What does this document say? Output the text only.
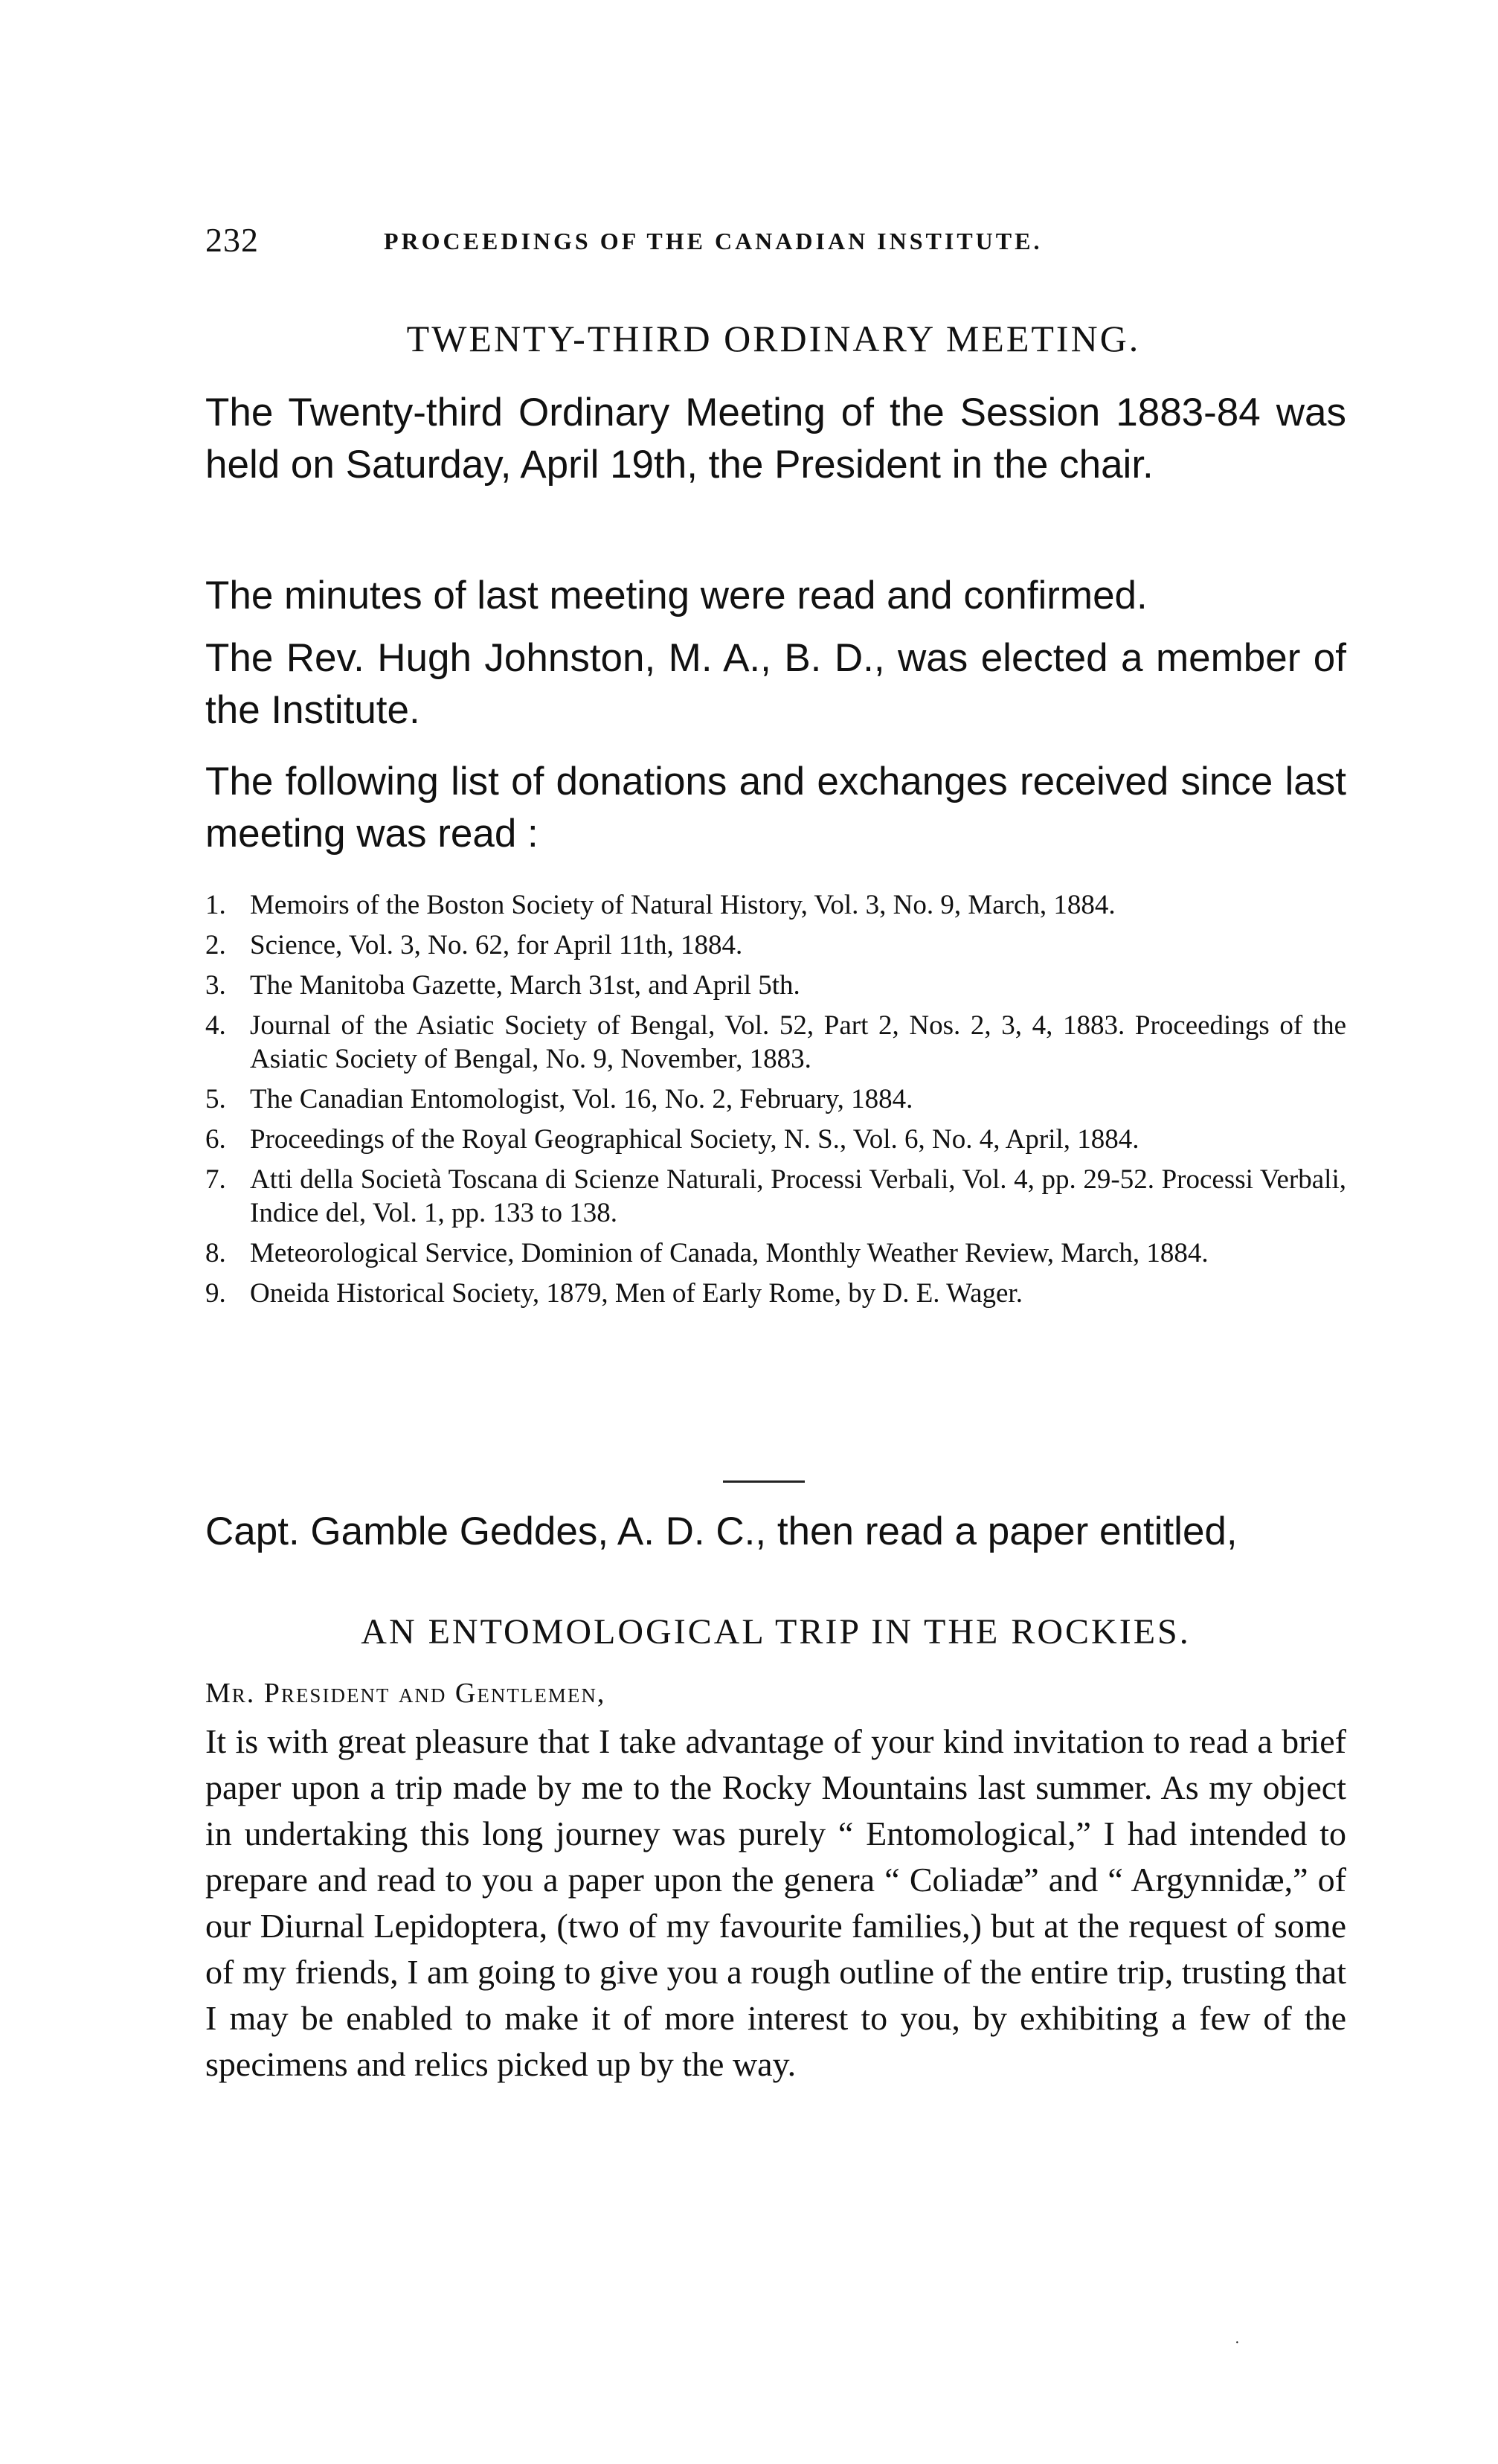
232	PROCEEDINGS OF THE CANADIAN INSTITUTE.
TWENTY-THIRD ORDINARY MEETING.

The Twenty-third Ordinary Meeting of the Session 1883-84 was held on Saturday, April 19th, the President in the chair.

The minutes of last meeting were read and confirmed.

The Rev. Hugh Johnston, M. A., B. D., was elected a member of the Institute.

The following list of donations and exchanges received since last meeting was read :

1. Memoirs of the Boston Society of Natural History, Vol. 3, No. 9, March, 1884.
2. Science, Vol. 3, No. 62, for April 11th, 1884.
3. The Manitoba Gazette, March 31st, and April 5th.
4. Journal of the Asiatic Society of Bengal, Vol. 52, Part 2, Nos. 2, 3, 4, 1883. Proceedings of the Asiatic Society of Bengal, No. 9, November, 1883.
5. The Canadian Entomologist, Vol. 16, No. 2, February, 1884.
6. Proceedings of the Royal Geographical Society, N. S., Vol. 6, No. 4, April, 1884.
7. Atti della Società Toscana di Scienze Naturali, Processi Verbali, Vol. 4, pp. 29-52. Processi Verbali, Indice del, Vol. 1, pp. 133 to 138.
8. Meteorological Service, Dominion of Canada, Monthly Weather Review, March, 1884.
9. Oneida Historical Society, 1879, Men of Early Rome, by D. E. Wager.

Capt. Gamble Geddes, A. D. C., then read a paper entitled,

AN ENTOMOLOGICAL TRIP IN THE ROCKIES.
Mr. President and Gentlemen,

It is with great pleasure that I take advantage of your kind invitation to read a brief paper upon a trip made by me to the Rocky Mountains last summer. As my object in undertaking this long journey was purely “ Entomological,” I had intended to prepare and read to you a paper upon the genera “ Coliadæ” and “ Argynnidæ,” of our Diurnal Lepidoptera, (two of my favourite families,) but at the request of some of my friends, I am going to give you a rough outline of the entire trip, trusting that I may be enabled to make it of more interest to you, by exhibiting a few of the specimens and relics picked up by the way.

·
